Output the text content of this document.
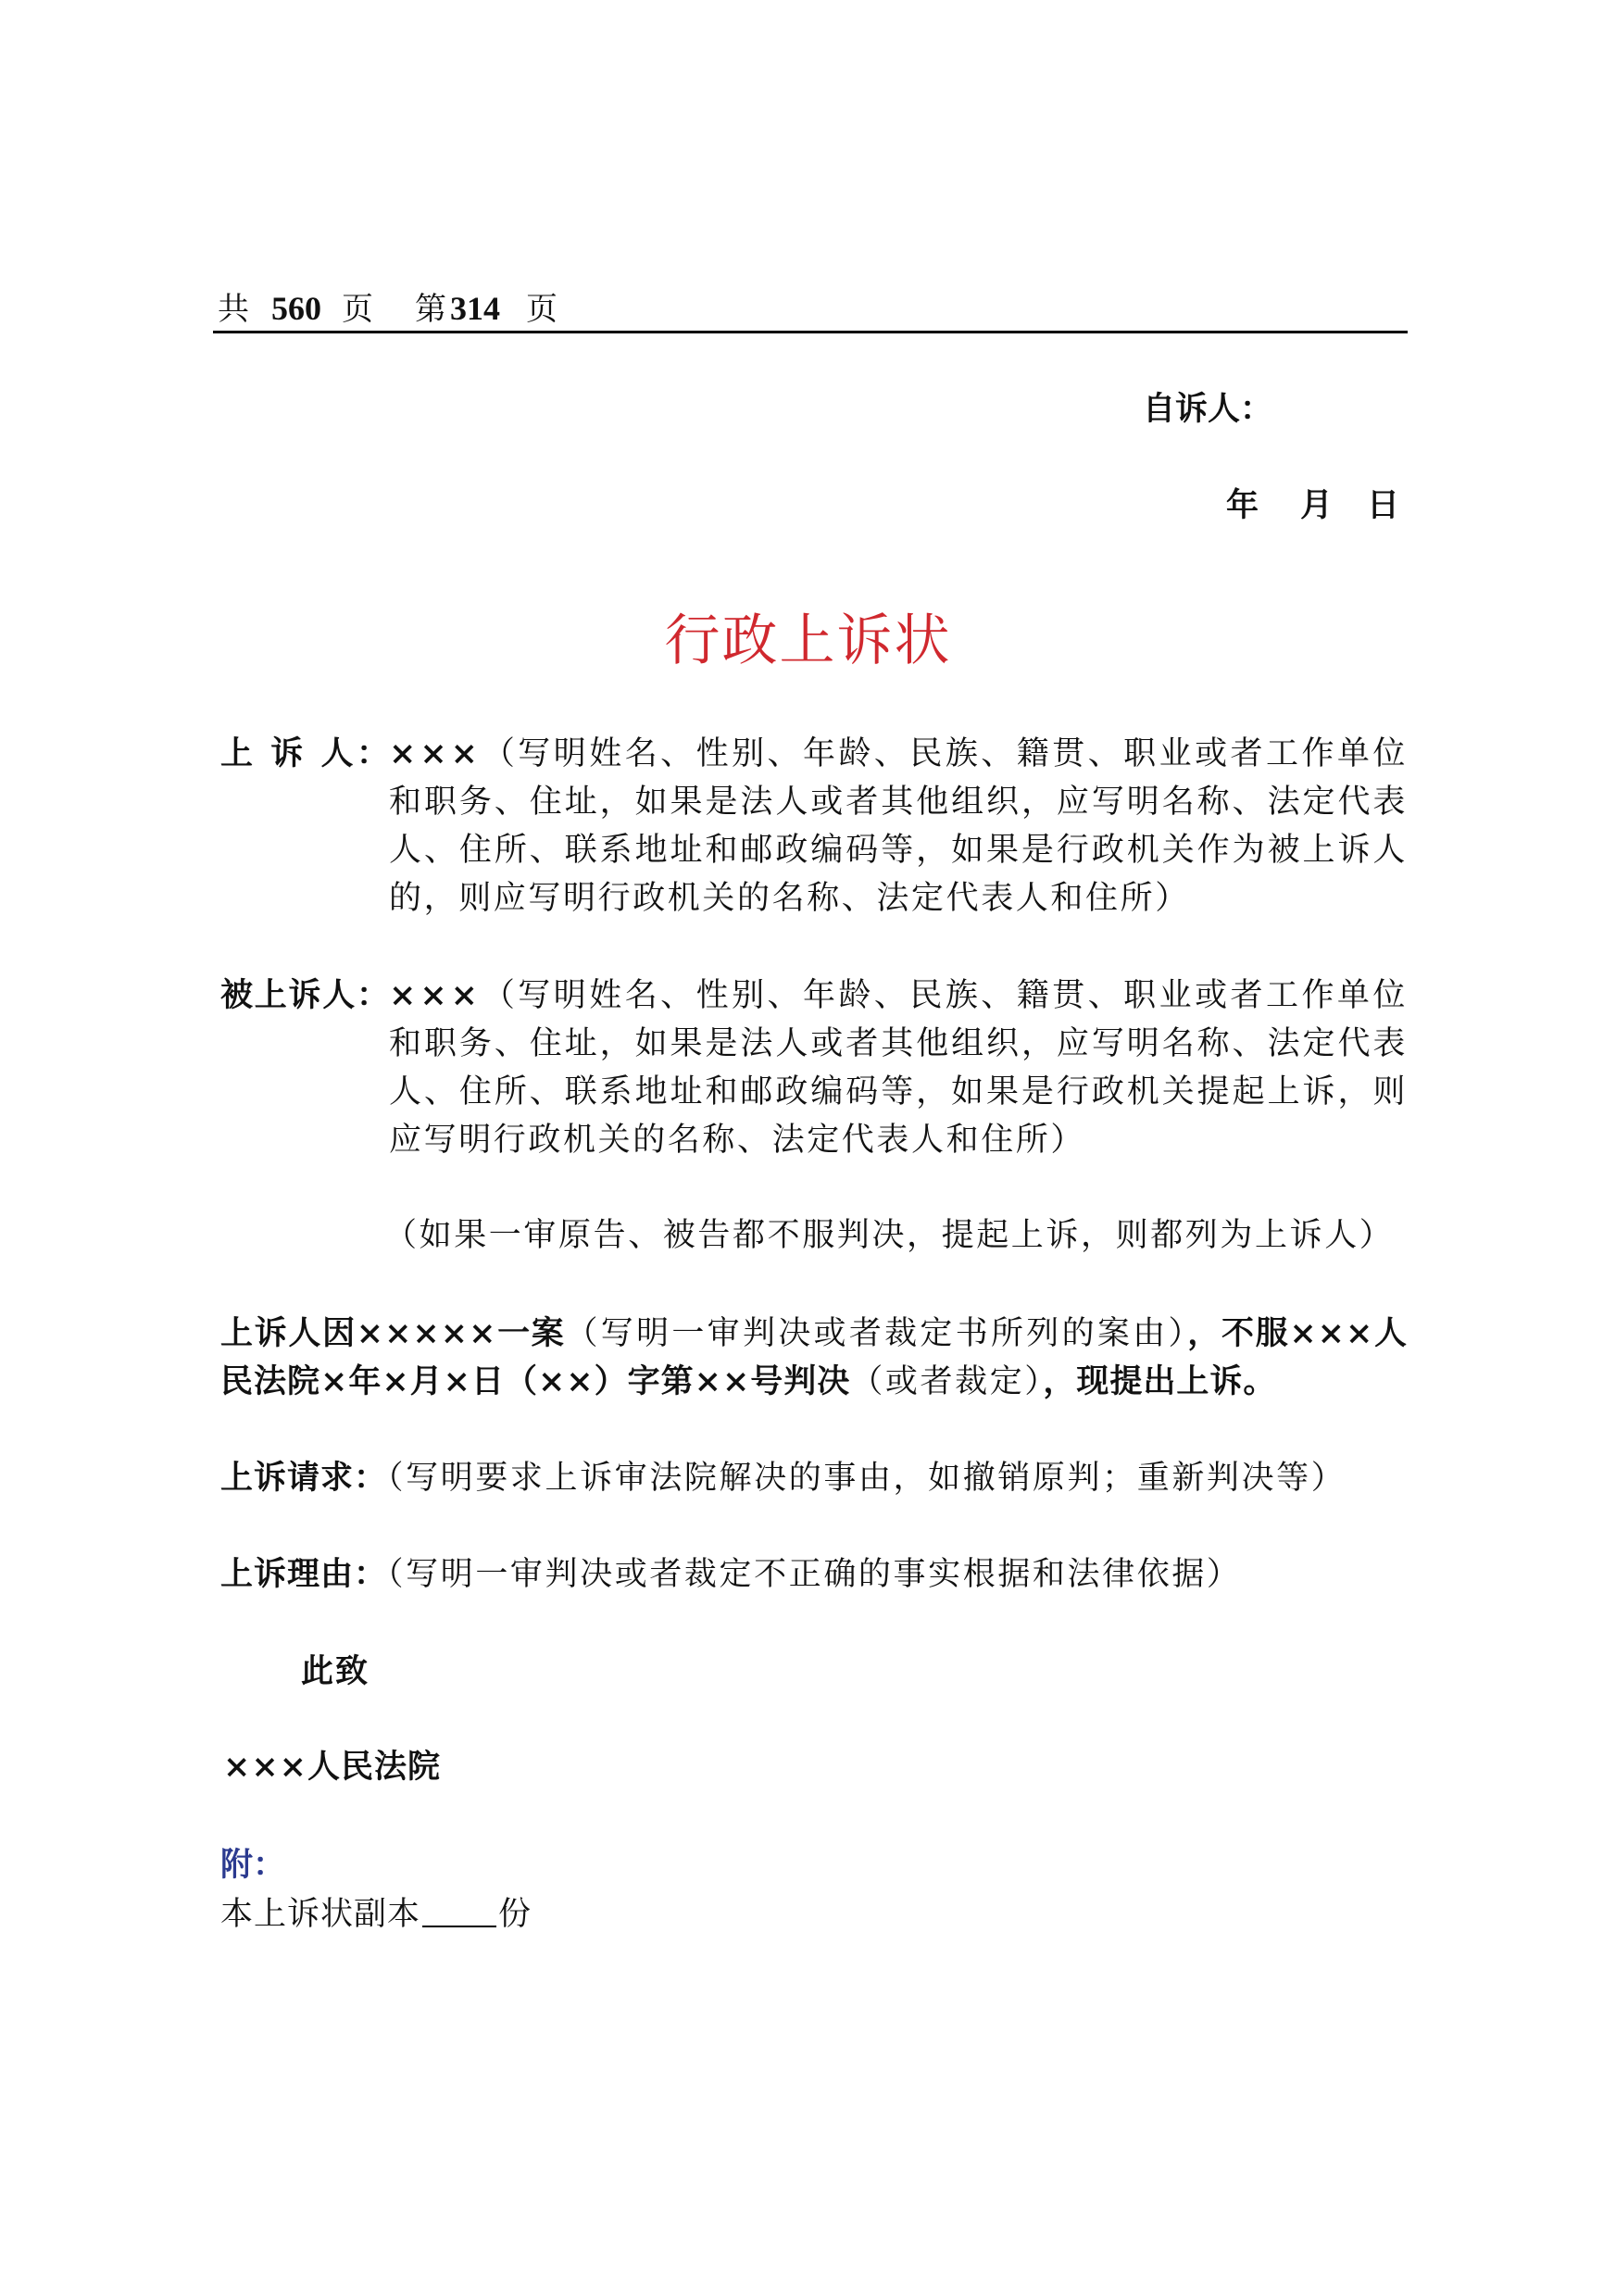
共 560 页 第 314 页
自诉人：
年 月 日
行政上诉状
上 诉 人： ×××（写明姓名、性别、年龄、民族、籍贯、职业或者工作单位和职务、住址，如果是法人或者其他组织，应写明名称、法定代表人、住所、联系地址和邮政编码等，如果是行政机关作为被上诉人的，则应写明行政机关的名称、法定代表人和住所）
被上诉人： ×××（写明姓名、性别、年龄、民族、籍贯、职业或者工作单位和职务、住址，如果是法人或者其他组织，应写明名称、法定代表人、住所、联系地址和邮政编码等，如果是行政机关提起上诉，则应写明行政机关的名称、法定代表人和住所）
（如果一审原告、被告都不服判决，提起上诉，则都列为上诉人）
上诉人因×××××一案（写明一审判决或者裁定书所列的案由），不服×××人民法院×年×月×日（××）字第××号判决（或者裁定），现提出上诉。
上诉请求：（写明要求上诉审法院解决的事由，如撤销原判；重新判决等）
上诉理由：（写明一审判决或者裁定不正确的事实根据和法律依据）
此致
×××人民法院
附：
本上诉状副本 份
